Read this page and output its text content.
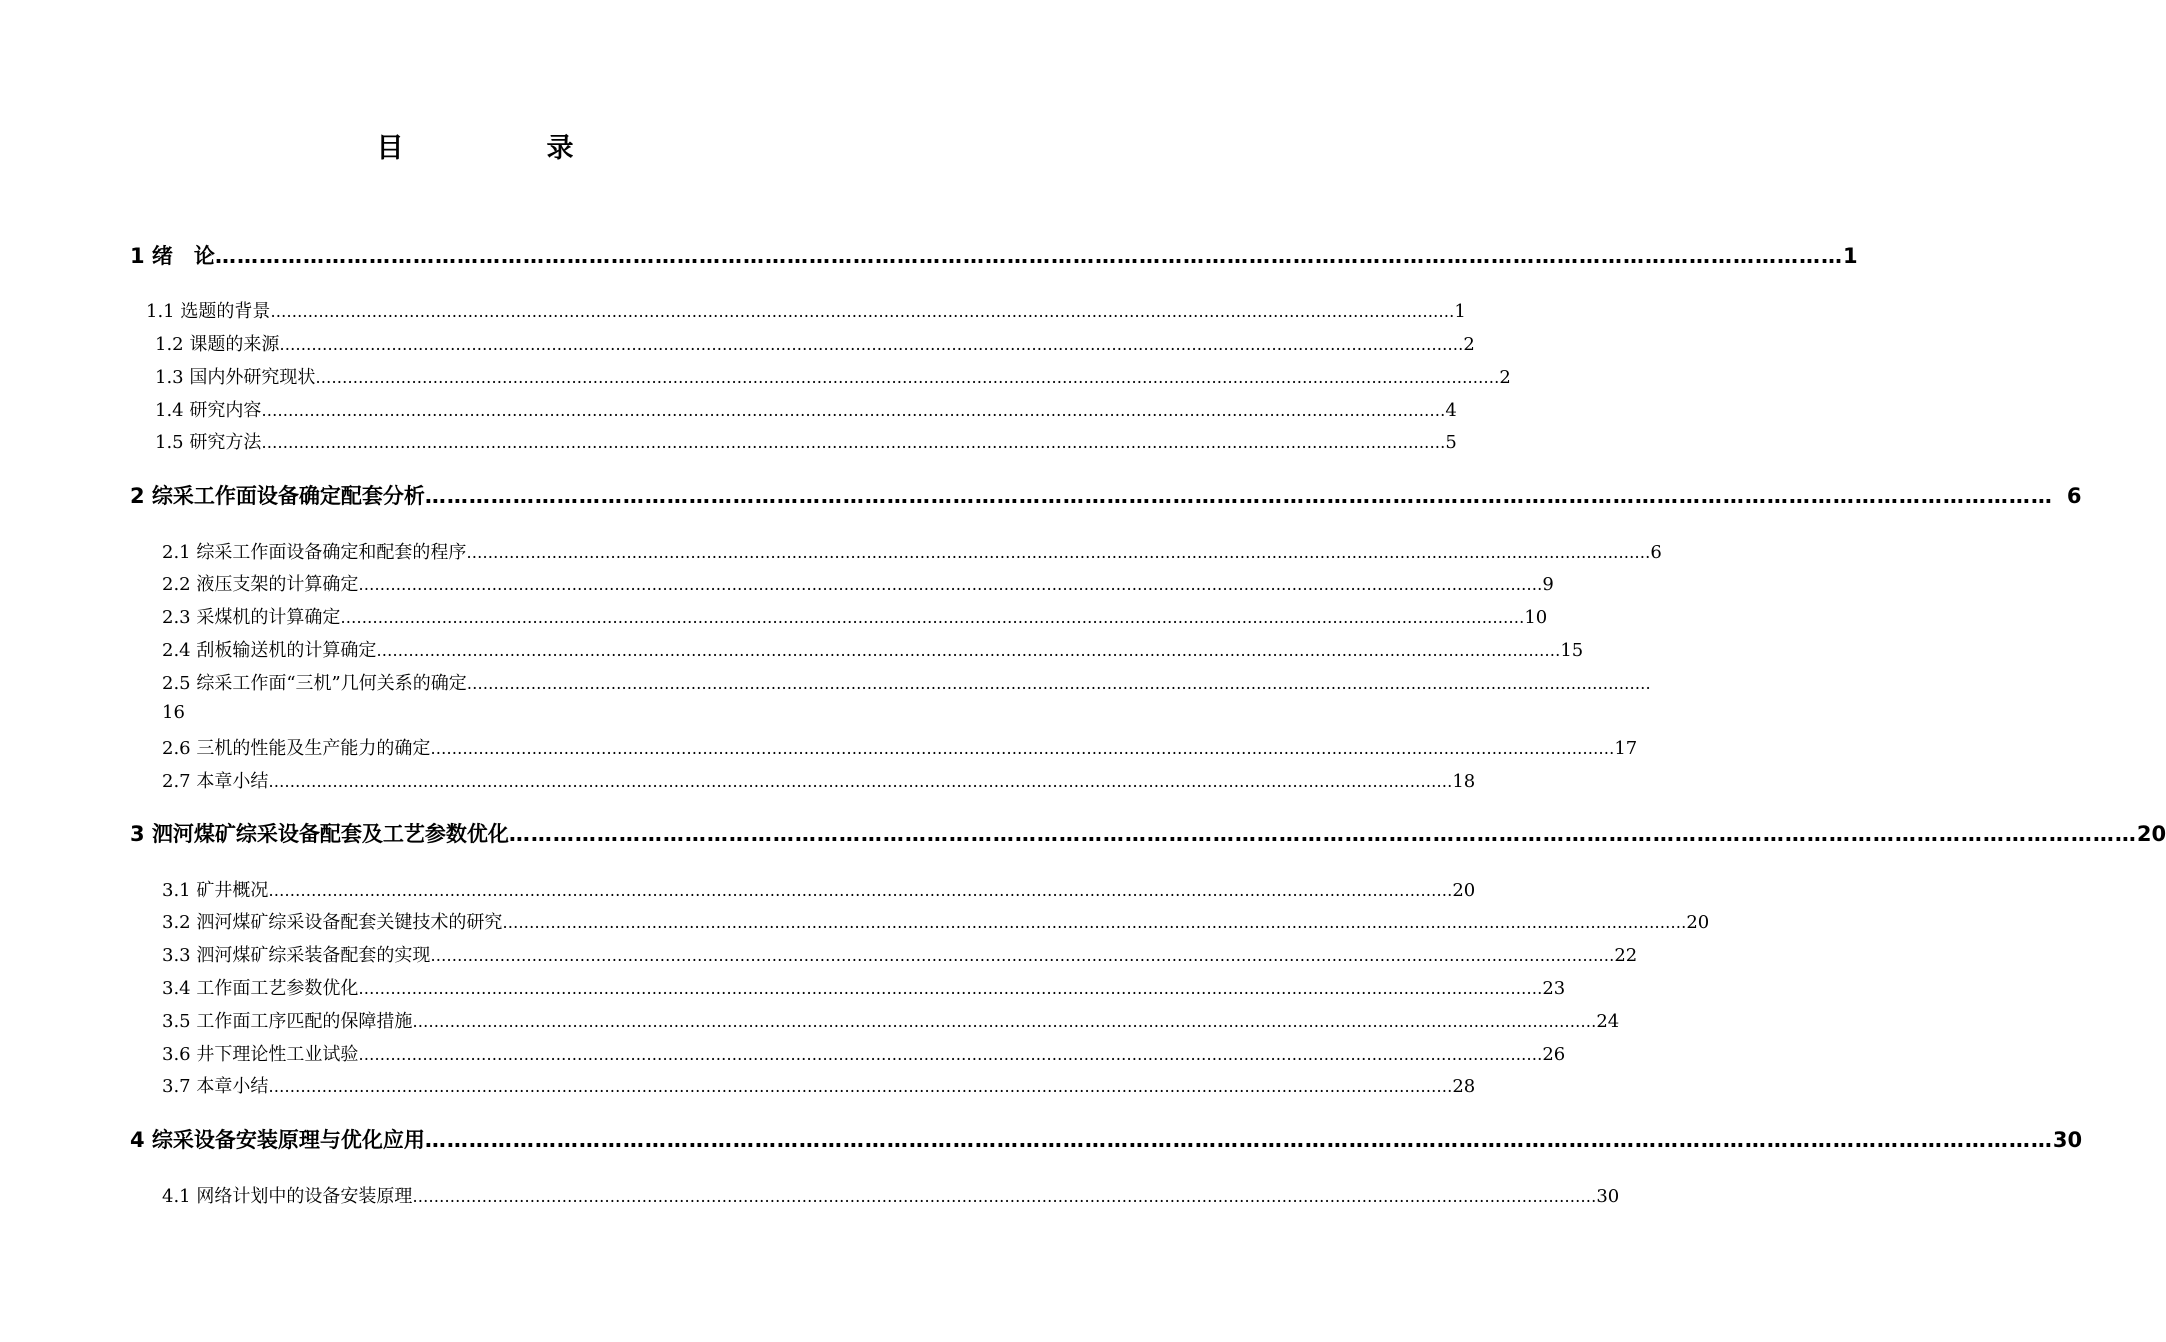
目　录
1 绪　论 …………………………………………………………………………………………………………………………………………………………………………………………………… 1
1.1 选题的背景 …………………………………………………………………………………………………………………………………………………………………………………………………… 1
1.2 课题的来源 …………………………………………………………………………………………………………………………………………………………………………………………………… 2
1.3 国内外研究现状 …………………………………………………………………………………………………………………………………………………………………………………………………… 2
1.4 研究内容 …………………………………………………………………………………………………………………………………………………………………………………………………… 4
1.5 研究方法 …………………………………………………………………………………………………………………………………………………………………………………………………… 5
2 综采工作面设备确定配套分析 …………………………………………………………………………………………………………………………………………………………………………………………………… 6
2.1 综采工作面设备确定和配套的程序 …………………………………………………………………………………………………………………………………………………………………………………………………… 6
2.2 液压支架的计算确定 …………………………………………………………………………………………………………………………………………………………………………………………………… 9
2.3 采煤机的计算确定 …………………………………………………………………………………………………………………………………………………………………………………………………… 10
2.4 刮板输送机的计算确定 …………………………………………………………………………………………………………………………………………………………………………………………………… 15
2.5 综采工作面“三机”几何关系的确定 ……………………………………………………………………………………………………………………………………………………………………………………………………
16
2.6 三机的性能及生产能力的确定 …………………………………………………………………………………………………………………………………………………………………………………………………… 17
2.7 本章小结 …………………………………………………………………………………………………………………………………………………………………………………………………… 18
3 泗河煤矿综采设备配套及工艺参数优化 …………………………………………………………………………………………………………………………………………………………………………………………………… 20
3.1 矿井概况 …………………………………………………………………………………………………………………………………………………………………………………………………… 20
3.2 泗河煤矿综采设备配套关键技术的研究 …………………………………………………………………………………………………………………………………………………………………………………………………… 20
3.3 泗河煤矿综采装备配套的实现 …………………………………………………………………………………………………………………………………………………………………………………………………… 22
3.4 工作面工艺参数优化 …………………………………………………………………………………………………………………………………………………………………………………………………… 23
3.5 工作面工序匹配的保障措施 …………………………………………………………………………………………………………………………………………………………………………………………………… 24
3.6 井下理论性工业试验 …………………………………………………………………………………………………………………………………………………………………………………………………… 26
3.7 本章小结 …………………………………………………………………………………………………………………………………………………………………………………………………… 28
4 综采设备安装原理与优化应用 …………………………………………………………………………………………………………………………………………………………………………………………………… 30
4.1 网络计划中的设备安装原理 …………………………………………………………………………………………………………………………………………………………………………………………………… 30
